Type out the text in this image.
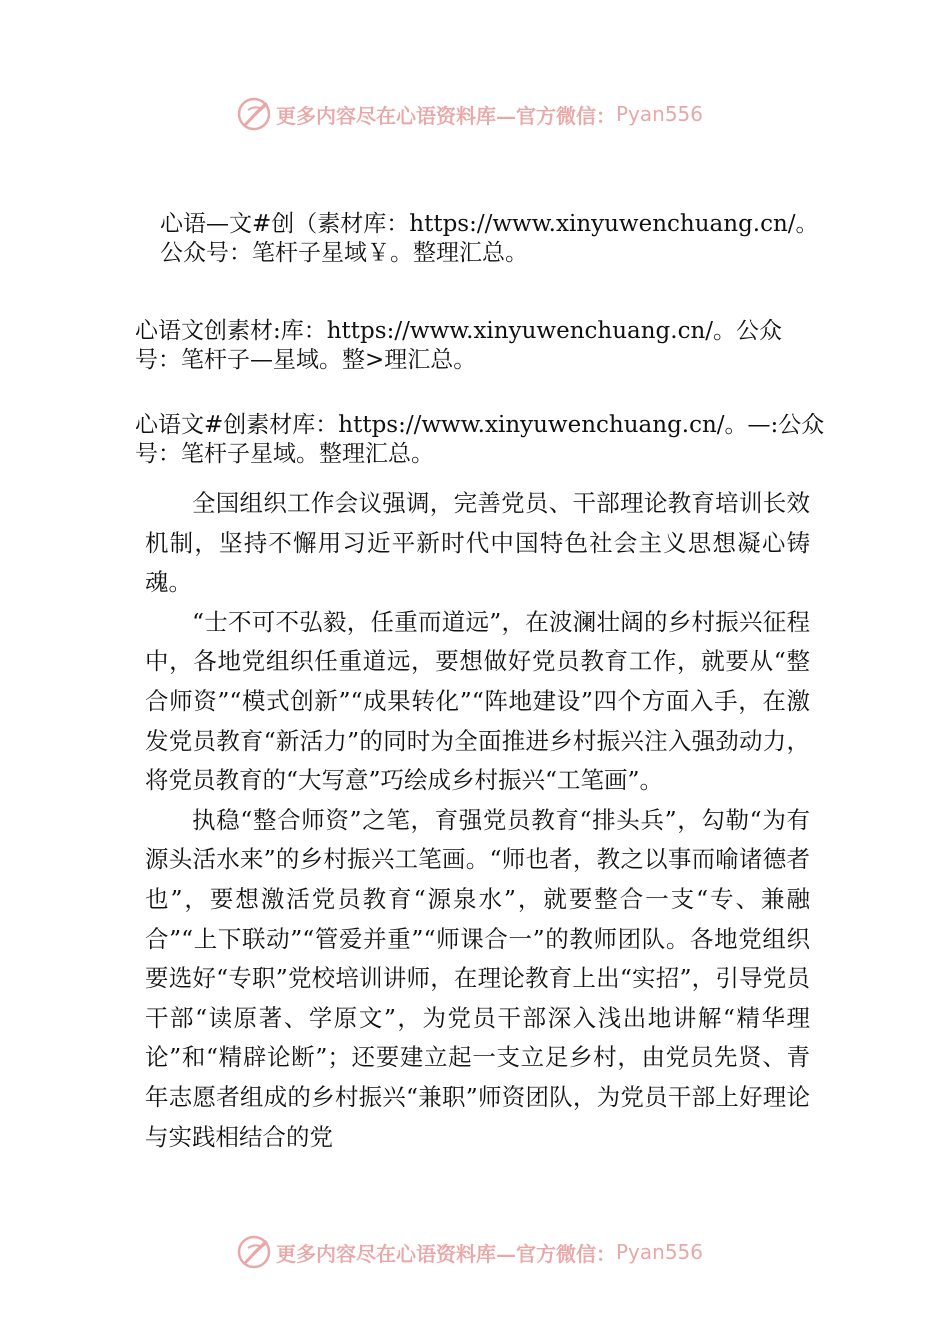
更多内容尽在心语资料库—官方微信： Pyan556
心语—文#创（素材库：https://www.xinyuwenchuang.cn/。公众号：笔杆子星域￥。整理汇总。
心语文创素材:库：https://www.xinyuwenchuang.cn/。公众号：笔杆子—星域。整>理汇总。
心语文#创素材库：https://www.xinyuwenchuang.cn/。—:公众号：笔杆子星域。整理汇总。

全国组织工作会议强调，完善党员、干部理论教育培训长效机制，坚持不懈用习近平新时代中国特色社会主义思想凝心铸魂。

“士不可不弘毅，任重而道远”，在波澜壮阔的乡村振兴征程中，各地党组织任重道远，要想做好党员教育工作，就要从“整合师资”“模式创新”“成果转化”“阵地建设”四个方面入手，在激发党员教育“新活力”的同时为全面推进乡村振兴注入强劲动力，将党员教育的“大写意”巧绘成乡村振兴“工笔画”。

执稳“整合师资”之笔，育强党员教育“排头兵”，勾勒“为有源头活水来”的乡村振兴工笔画。“师也者，教之以事而喻诸德者也”，要想激活党员教育“源泉水”，就要整合一支“专、兼融合”“上下联动”“管爱并重”“师课合一”的教师团队。各地党组织要选好“专职”党校培训讲师，在理论教育上出“实招”，引导党员干部“读原著、学原文”，为党员干部深入浅出地讲解“精华理论”和“精辟论断”；还要建立起一支立足乡村，由党员先贤、青年志愿者组成的乡村振兴“兼职”师资团队，为党员干部上好理论与实践相结合的党

更多内容尽在心语资料库—官方微信： Pyan556
